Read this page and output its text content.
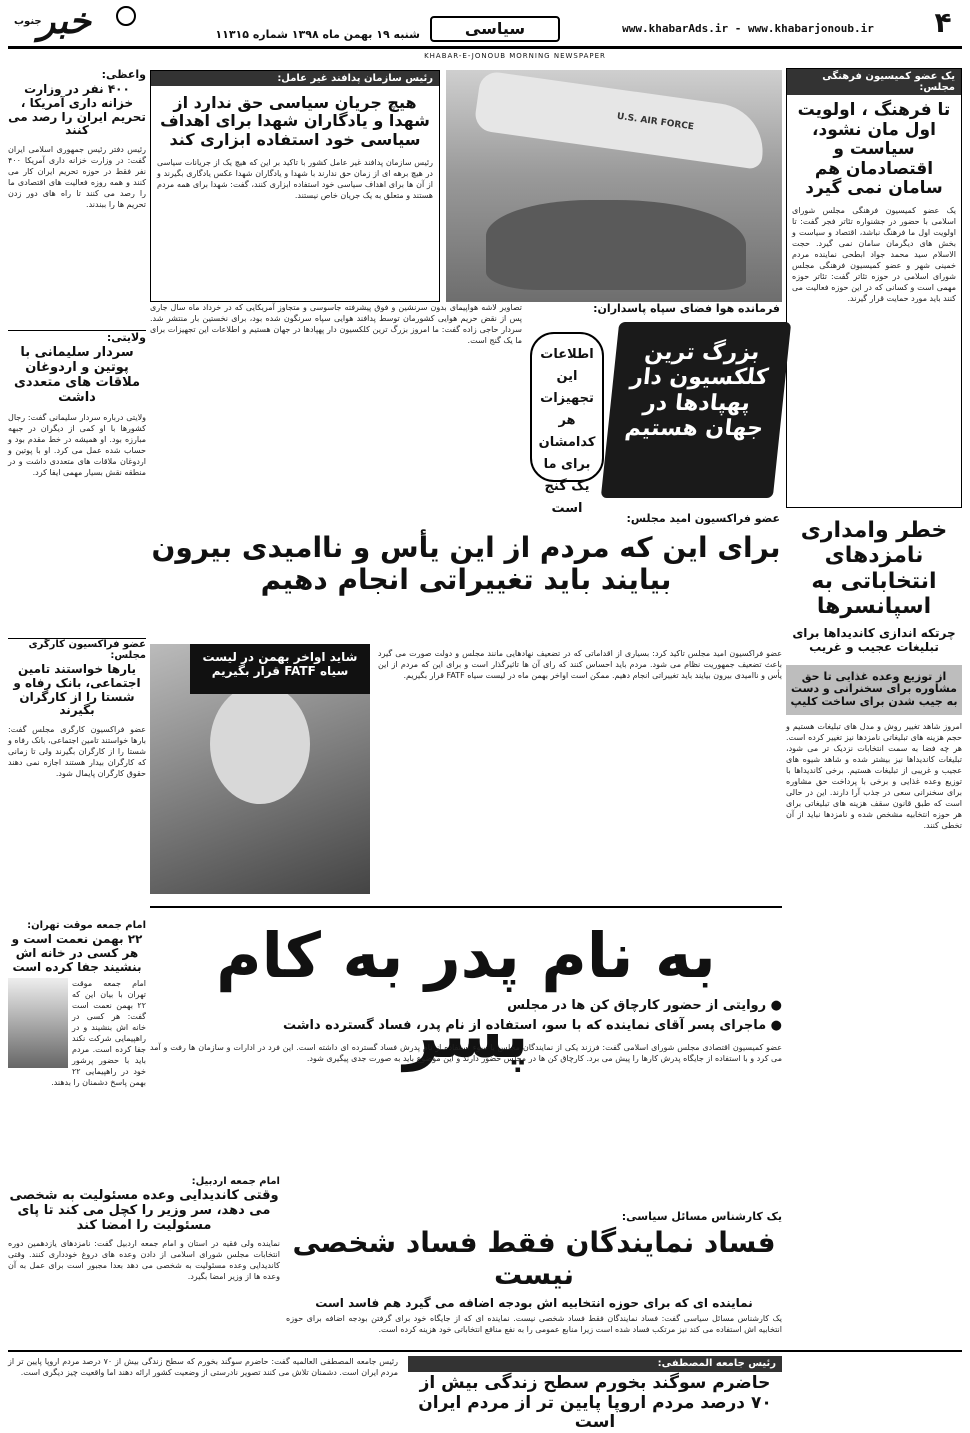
۴
www.khabarAds.ir - www.khabarjonoub.ir
سیاسی
شنبه ۱۹ بهمن ماه ۱۳۹۸ شماره ۱۱۳۱۵
خبر
جنوب
KHABAR-E-JONOUB MORNING NEWSPAPER
یک عضو کمیسیون فرهنگی مجلس:
تا فرهنگ ، اولویت اول مان نشود، سیاست و اقتصادمان هم سامان نمی گیرد
یک عضو کمیسیون فرهنگی مجلس شورای اسلامی با حضور در جشنواره تئاتر فجر گفت: تا اولویت اول ما فرهنگ نباشد، اقتصاد و سیاست و بخش های دیگرمان سامان نمی گیرد. حجت الاسلام سید محمد جواد ابطحی نماینده مردم خمینی شهر و عضو کمیسیون فرهنگی مجلس شورای اسلامی در حوزه تئاتر گفت: تئاتر حوزه مهمی است و کسانی که در این حوزه فعالیت می کنند باید مورد حمایت قرار گیرند.
U.S. AIR FORCE
رئیس سازمان پدافند غیر عامل:
هیچ جریان سیاسی حق ندارد از شهدا و یادگاران شهدا برای اهداف سیاسی خود استفاده ابزاری کند
رئیس سازمان پدافند غیر عامل کشور با تاکید بر این که هیچ یک از جریانات سیاسی در هیچ برهه ای از زمان حق ندارند با شهدا و یادگاران شهدا عکس یادگاری بگیرند و از آن ها برای اهداف سیاسی خود استفاده ابزاری کنند، گفت: شهدا برای همه مردم هستند و متعلق به یک جریان خاص نیستند.
فرمانده هوا فضای سپاه پاسداران:
بزرگ ترین کلکسیون دار پهپادها در جهان هستیم
اطلاعات این تجهیزات هر کدامشان برای ما یک گنج است
تصاویر لاشه هواپیمای بدون سرنشین و فوق پیشرفته جاسوسی و متجاوز آمریکایی که در خرداد ماه سال جاری پس از نقض حریم هوایی کشورمان توسط پدافند هوایی سپاه سرنگون شده بود، برای نخستین بار منتشر شد. سردار حاجی زاده گفت: ما امروز بزرگ ترین کلکسیون دار پهپادها در جهان هستیم و اطلاعات این تجهیزات برای ما یک گنج است.
واعظی:
۴۰۰ نفر در وزارت خزانه داری آمریکا ، تحریم ایران را رصد می کنند
رئیس دفتر رئیس جمهوری اسلامی ایران گفت: در وزارت خزانه داری آمریکا ۴۰۰ نفر فقط در حوزه تحریم ایران کار می کنند و همه روزه فعالیت های اقتصادی ما را رصد می کنند تا راه های دور زدن تحریم ها را ببندند.
ولایتی:
سردار سلیمانی با پوتین و اردوغان ملاقات های متعددی داشت
ولایتی درباره سردار سلیمانی گفت: رجال کشورها با او کمی از دیگران در جبهه مبارزه بود. او همیشه در خط مقدم بود و حساب شده عمل می کرد. او با پوتین و اردوغان ملاقات های متعددی داشت و در منطقه نقش بسیار مهمی ایفا کرد.
عضو فراکسیون کارگری مجلس:
یارها خواستند تامین اجتماعی، بانک رفاه و شستا را از کارگران بگیرند
عضو فراکسیون کارگری مجلس گفت: بارها خواستند تامین اجتماعی، بانک رفاه و شستا را از کارگران بگیرند ولی تا زمانی که کارگران بیدار هستند اجازه نمی دهند حقوق کارگران پایمال شود.
خطر وامداری نامزدهای انتخاباتی به اسپانسرها
چرتکه اندازی کاندیداها برای تبلیغات عجیب و غریب
از توزیع وعده غذایی تا حق مشاوره برای سخنرانی و دست به جیب شدن برای ساخت کلیپ
امروز شاهد تغییر روش و مدل های تبلیغات هستیم و حجم هزینه های تبلیغاتی نامزدها نیز تغییر کرده است. هر چه فضا به سمت انتخابات نزدیک تر می شود، تبلیغات کاندیداها نیز بیشتر شده و شاهد شیوه های عجیب و غریبی از تبلیغات هستیم. برخی کاندیداها با توزیع وعده غذایی و برخی با پرداخت حق مشاوره برای سخنرانی سعی در جذب آرا دارند. این در حالی است که طبق قانون سقف هزینه های تبلیغاتی برای هر حوزه انتخابیه مشخص شده و نامزدها نباید از آن تخطی کنند.
عضو فراکسیون امید مجلس:
برای این که مردم از این یأس و ناامیدی بیرون بیایند باید تغییراتی انجام دهیم
شاید اواخر بهمن در لیست سیاه FATF قرار بگیریم
عضو فراکسیون امید مجلس تاکید کرد: بسیاری از اقداماتی که در تضعیف نهادهایی مانند مجلس و دولت صورت می گیرد باعث تضعیف جمهوریت نظام می شود. مردم باید احساس کنند که رای آن ها تاثیرگذار است و برای این که مردم از این یأس و ناامیدی بیرون بیایند باید تغییراتی انجام دهیم. ممکن است اواخر بهمن ماه در لیست سیاه FATF قرار بگیریم.
به نام پدر به کام پسر	● روایتی از حضور کارچاق کن ها در مجلس
● ماجرای پسر آقای نماینده که با سو، استفاده از نام پدر، فساد گسترده داشت
عضو کمیسیون اقتصادی مجلس شورای اسلامی گفت: فرزند یکی از نمایندگان مجلس با سوء استفاده از نام پدرش فساد گسترده ای داشته است. این فرد در ادارات و سازمان ها رفت و آمد می کرد و با استفاده از جایگاه پدرش کارها را پیش می برد. کارچاق کن ها در مجلس حضور دارند و این موضوع باید به صورت جدی پیگیری شود.
امام جمعه موقت تهران:
۲۲ بهمن نعمت است و هر کسی در خانه اش بنشیند جفا کرده است
امام جمعه موقت تهران با بیان این که ۲۲ بهمن نعمت است گفت: هر کسی در خانه اش بنشیند و در راهپیمایی شرکت نکند جفا کرده است. مردم باید با حضور پرشور خود در راهپیمایی ۲۲ بهمن پاسخ دشمنان را بدهند.
امام جمعه اردبیل:
وقتی کاندیدایی وعده مسئولیت به شخصی می دهد، سر وزیر را کچل می کند تا پای مسئولیت را امضا کند
نماینده ولی فقیه در استان و امام جمعه اردبیل گفت: نامزدهای یازدهمین دوره انتخابات مجلس شورای اسلامی از دادن وعده های دروغ خودداری کنند. وقتی کاندیدایی وعده مسئولیت به شخصی می دهد بعدا مجبور است برای عمل به آن وعده ها از وزیر امضا بگیرد.
یک کارشناس مسائل سیاسی:
فساد نمایندگان فقط فساد شخصی نیست
نماینده ای که برای حوزه انتخابیه اش بودجه اضافه می گیرد هم فاسد است
یک کارشناس مسائل سیاسی گفت: فساد نمایندگان فقط فساد شخصی نیست. نماینده ای که از جایگاه خود برای گرفتن بودجه اضافه برای حوزه انتخابیه اش استفاده می کند نیز مرتکب فساد شده است زیرا منابع عمومی را به نفع منافع انتخاباتی خود هزینه کرده است.
رئیس جامعه المصطفی:
حاضرم سوگند بخورم سطح زندگی بیش از ۷۰ درصد مردم اروپا پایین تر از مردم ایران است
رئیس جامعه المصطفی العالمیه گفت: حاضرم سوگند بخورم که سطح زندگی بیش از ۷۰ درصد مردم اروپا پایین تر از مردم ایران است. دشمنان تلاش می کنند تصویر نادرستی از وضعیت کشور ارائه دهند اما واقعیت چیز دیگری است.
